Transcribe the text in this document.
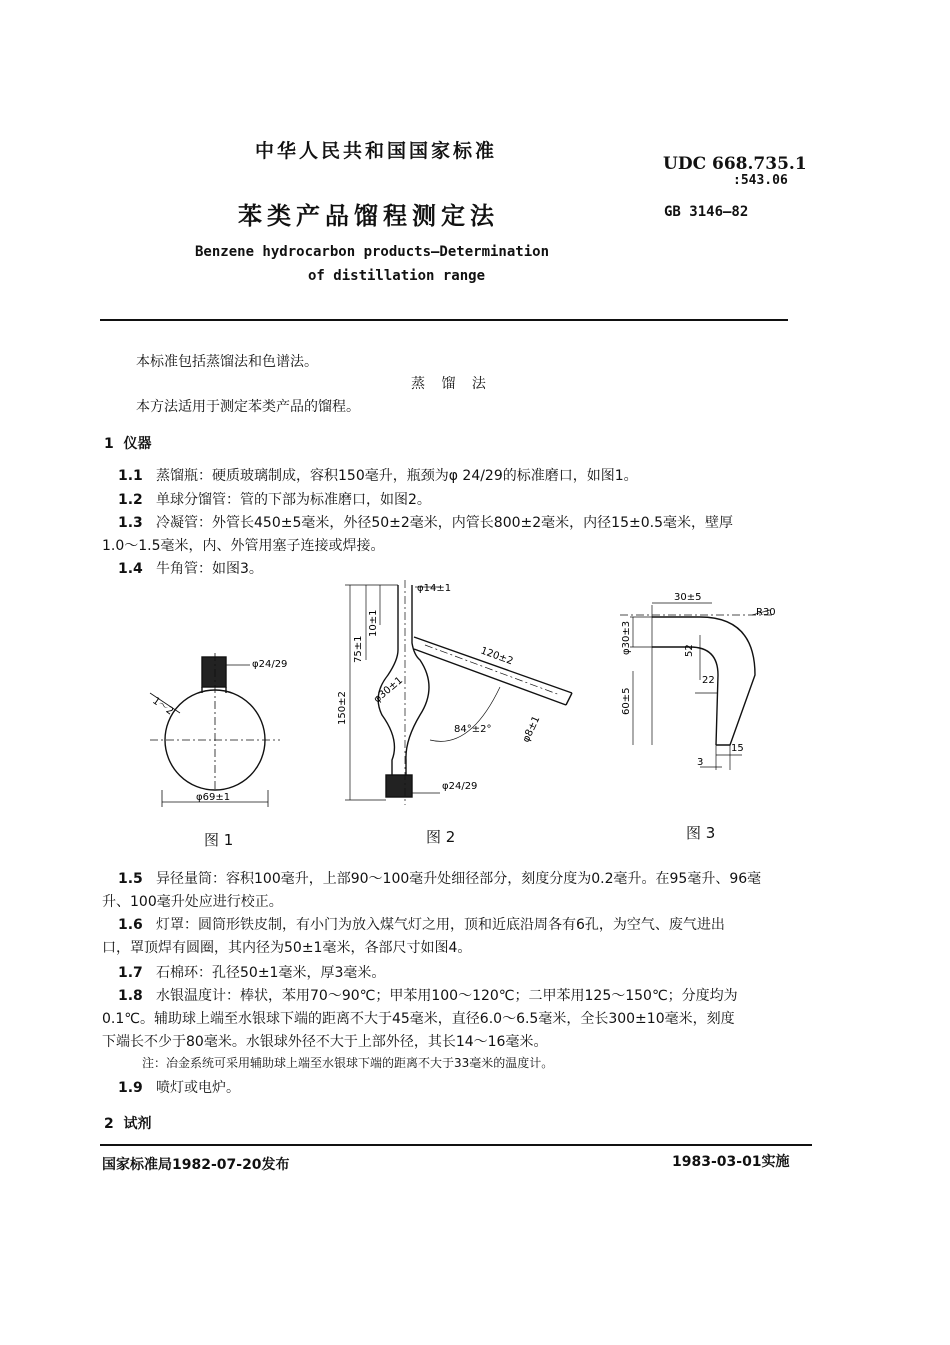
中华人民共和国国家标准
UDC 668.735.1
:543.06
苯类产品馏程测定法	GB 3146—82
Benzene hydrocarbon products—Determination
of distillation range
本标准包括蒸馏法和色谱法。
蒸 馏 法
本方法适用于测定苯类产品的馏程。
1 仪器
1.1 蒸馏瓶：硬质玻璃制成，容积150毫升，瓶颈为φ 24/29的标准磨口，如图1。
1.2 单球分馏管：管的下部为标准磨口，如图2。
1.3 冷凝管：外管长450±5毫米，外径50±2毫米，内管长800±2毫米，内径15±0.5毫米，壁厚
1.0～1.5毫米，内、外管用塞子连接或焊接。
1.4 牛角管：如图3。
φ24/29
1～2
φ69±1
φ14±1
10±1
75±1
150±2
120±2
φ30±1
84°±2°	φ8±1
φ24/29
30±5
R30
φ30±3	52
22
60±5
15
3
图 1	图 2	图 3
1.5 异径量筒：容积100毫升，上部90～100毫升处细径部分，刻度分度为0.2毫升。在95毫升、96毫
升、100毫升处应进行校正。
1.6 灯罩：圆筒形铁皮制，有小门为放入煤气灯之用，顶和近底沿周各有6孔，为空气、废气进出
口，罩顶焊有圆圈，其内径为50±1毫米，各部尺寸如图4。
1.7 石棉环：孔径50±1毫米，厚3毫米。
1.8 水银温度计：棒状，苯用70～90℃；甲苯用100～120℃；二甲苯用125～150℃；分度均为
0.1℃。辅助球上端至水银球下端的距离不大于45毫米，直径6.0～6.5毫米，全长300±10毫米，刻度
下端长不少于80毫米。水银球外径不大于上部外径，其长14～16毫米。
注：冶金系统可采用辅助球上端至水银球下端的距离不大于33毫米的温度计。
1.9 喷灯或电炉。
2 试剂
国家标准局1982-07-20发布	1983-03-01实施
